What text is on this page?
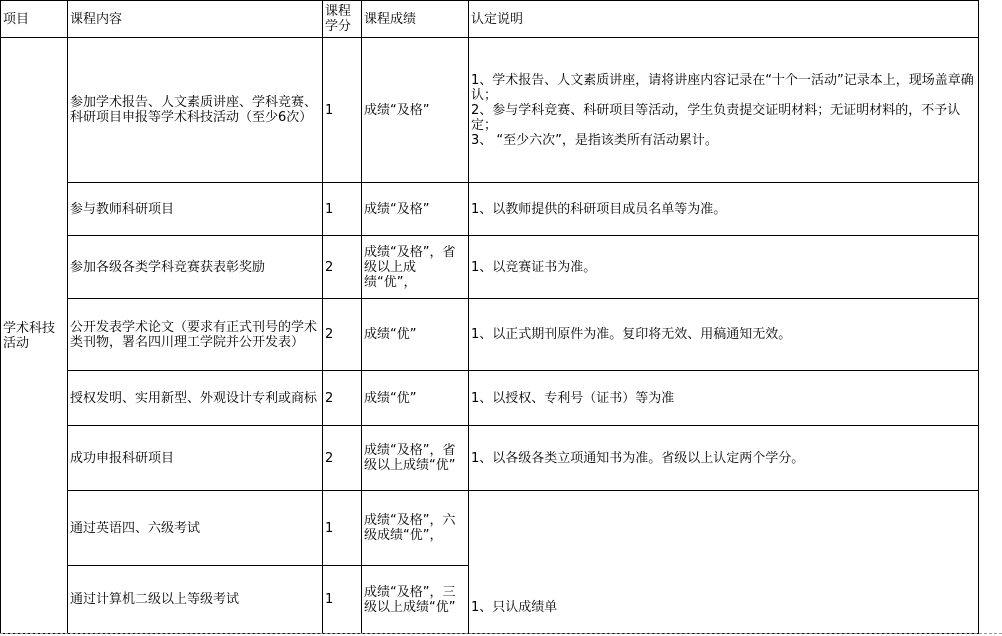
项目	课程内容	课程学分	课程成绩	认定说明
学术科技活动	参加学术报告、人文素质讲座、学科竞赛、科研项目申报等学术科技活动（至少6次）	1	成绩“及格”	1、学术报告、人文素质讲座，请将讲座内容记录在“十个一活动”记录本上，现场盖章确认；
2、参与学科竞赛、科研项目等活动，学生负责提交证明材料；无证明材料的，不予认定；
3、 “至少六次”，是指该类所有活动累计。
	参与教师科研项目	1	成绩“及格”	1、以教师提供的科研项目成员名单等为准。
	参加各级各类学科竞赛获表彰奖励	2	成绩“及格”，省级以上成绩“优”，	1、以竞赛证书为准。
	公开发表学术论文（要求有正式刊号的学术类刊物，署名四川理工学院并公开发表）	2	成绩“优”	1、以正式期刊原件为准。复印将无效、用稿通知无效。
	授权发明、实用新型、外观设计专利或商标	2	成绩“优”	1、以授权、专利号（证书）等为准
	成功申报科研项目	2	成绩“及格”，省级以上成绩“优”	1、以各级各类立项通知书为准。省级以上认定两个学分。
	通过英语四、六级考试	1	成绩“及格”，六级成绩“优”，	1、只认成绩单
	通过计算机二级以上等级考试	1	成绩“及格”，三级以上成绩“优”	
